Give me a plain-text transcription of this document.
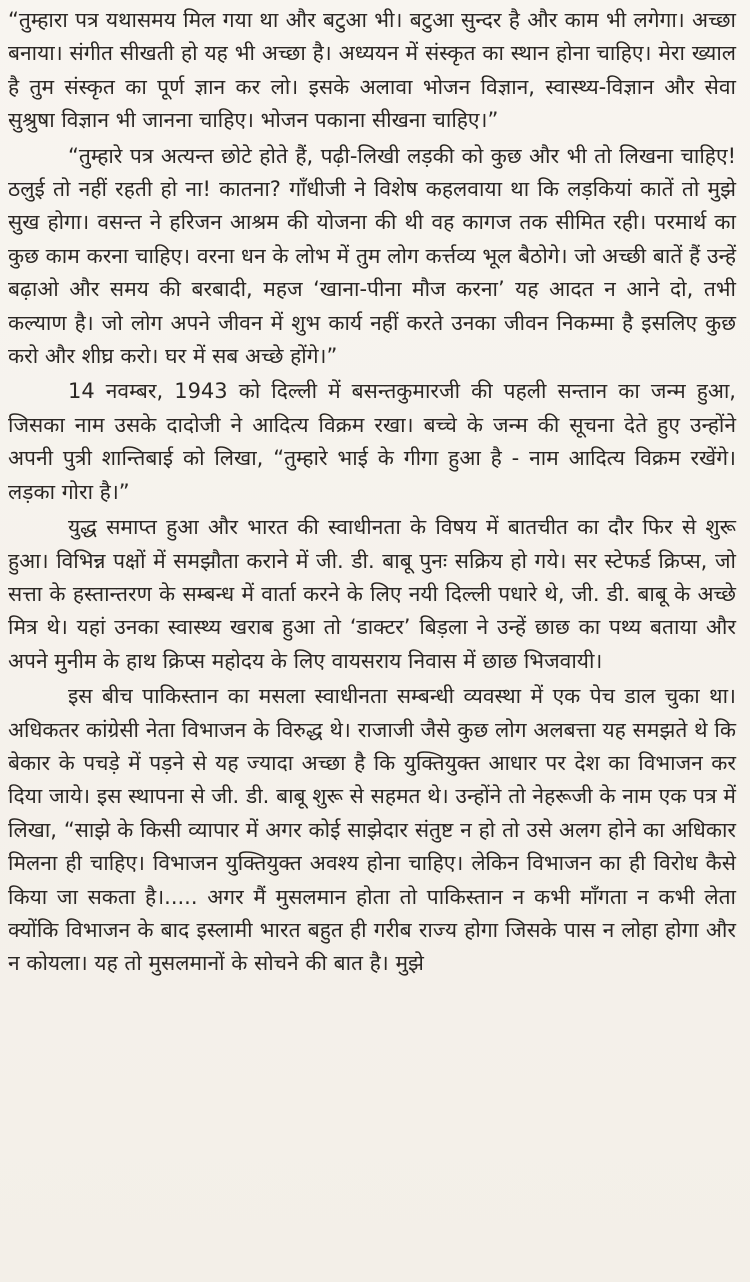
“तुम्हारा पत्र यथासमय मिल गया था और बटुआ भी। बटुआ सुन्दर है और काम भी लगेगा। अच्छा बनाया। संगीत सीखती हो यह भी अच्छा है। अध्ययन में संस्कृत का स्थान होना चाहिए। मेरा ख्याल है तुम संस्कृत का पूर्ण ज्ञान कर लो। इसके अलावा भोजन विज्ञान, स्वास्थ्य-विज्ञान और सेवा सुश्रुषा विज्ञान भी जानना चाहिए। भोजन पकाना सीखना चाहिए।”

“तुम्हारे पत्र अत्यन्त छोटे होते हैं, पढ़ी-लिखी लड़की को कुछ और भी तो लिखना चाहिए! ठलुई तो नहीं रहती हो ना! कातना? गाँधीजी ने विशेष कहलवाया था कि लड़कियां कातें तो मुझे सुख होगा। वसन्त ने हरिजन आश्रम की योजना की थी वह कागज तक सीमित रही। परमार्थ का कुछ काम करना चाहिए। वरना धन के लोभ में तुम लोग कर्त्तव्य भूल बैठोगे। जो अच्छी बातें हैं उन्हें बढ़ाओ और समय की बरबादी, महज ‘खाना-पीना मौज करना’ यह आदत न आने दो, तभी कल्याण है। जो लोग अपने जीवन में शुभ कार्य नहीं करते उनका जीवन निकम्मा है इसलिए कुछ करो और शीघ्र करो। घर में सब अच्छे होंगे।”

14 नवम्बर, 1943 को दिल्ली में बसन्तकुमारजी की पहली सन्तान का जन्म हुआ, जिसका नाम उसके दादोजी ने आदित्य विक्रम रखा। बच्चे के जन्म की सूचना देते हुए उन्होंने अपनी पुत्री शान्तिबाई को लिखा, “तुम्हारे भाई के गीगा हुआ है - नाम आदित्य विक्रम रखेंगे। लड़का गोरा है।”

युद्ध समाप्त हुआ और भारत की स्वाधीनता के विषय में बातचीत का दौर फिर से शुरू हुआ। विभिन्न पक्षों में समझौता कराने में जी. डी. बाबू पुनः सक्रिय हो गये। सर स्टेफर्ड क्रिप्स, जो सत्ता के हस्तान्तरण के सम्बन्ध में वार्ता करने के लिए नयी दिल्ली पधारे थे, जी. डी. बाबू के अच्छे मित्र थे। यहां उनका स्वास्थ्य खराब हुआ तो ‘डाक्टर’ बिड़ला ने उन्हें छाछ का पथ्य बताया और अपने मुनीम के हाथ क्रिप्स महोदय के लिए वायसराय निवास में छाछ भिजवायी।

इस बीच पाकिस्तान का मसला स्वाधीनता सम्बन्धी व्यवस्था में एक पेच डाल चुका था। अधिकतर कांग्रेसी नेता विभाजन के विरुद्ध थे। राजाजी जैसे कुछ लोग अलबत्ता यह समझते थे कि बेकार के पचड़े में पड़ने से यह ज्यादा अच्छा है कि युक्तियुक्त आधार पर देश का विभाजन कर दिया जाये। इस स्थापना से जी. डी. बाबू शुरू से सहमत थे। उन्होंने तो नेहरूजी के नाम एक पत्र में लिखा, “साझे के किसी व्यापार में अगर कोई साझेदार संतुष्ट न हो तो उसे अलग होने का अधिकार मिलना ही चाहिए। विभाजन युक्तियुक्त अवश्य होना चाहिए। लेकिन विभाजन का ही विरोध कैसे किया जा सकता है।..... अगर मैं मुसलमान होता तो पाकिस्तान न कभी माँगता न कभी लेता क्योंकि विभाजन के बाद इस्लामी भारत बहुत ही गरीब राज्य होगा जिसके पास न लोहा होगा और न कोयला। यह तो मुसलमानों के सोचने की बात है। मुझे
